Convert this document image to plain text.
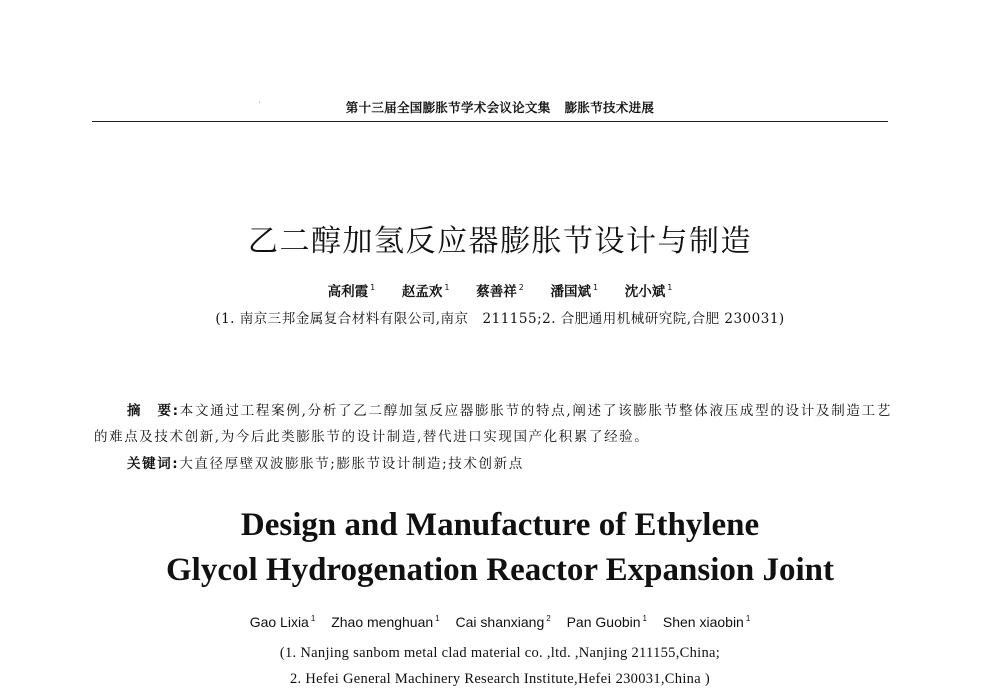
·	第十三届全国膨胀节学术会议论文集 膨胀节技术进展
乙二醇加氢反应器膨胀节设计与制造
高利霞 $^1$ 赵孟欢 $^1$ 蔡善祥 $^2$ 潘国斌 $^1$ 沈小斌 $^1$
(1. 南京三邦金属复合材料有限公司,南京　211155;2. 合肥通用机械研究院,合肥 230031)

摘　要:本文通过工程案例,分析了乙二醇加氢反应器膨胀节的特点,阐述了该膨胀节整体液压成型的设计及制造工艺的难点及技术创新,为今后此类膨胀节的设计制造,替代进口实现国产化积累了经验。

关键词:大直径厚壁双波膨胀节;膨胀节设计制造;技术创新点
Design and Manufacture of Ethylene
Glycol Hydrogenation Reactor Expansion Joint
Gao Lixia $^1$ Zhao menghuan $^1$ Cai shanxiang $^2$ Pan Guobin $^1$ Shen xiaobin $^1$
(1. Nanjing sanbom metal clad material co. ,ltd. ,Nanjing 211155,China;
2. Hefei General Machinery Research Institute,Hefei 230031,China )
